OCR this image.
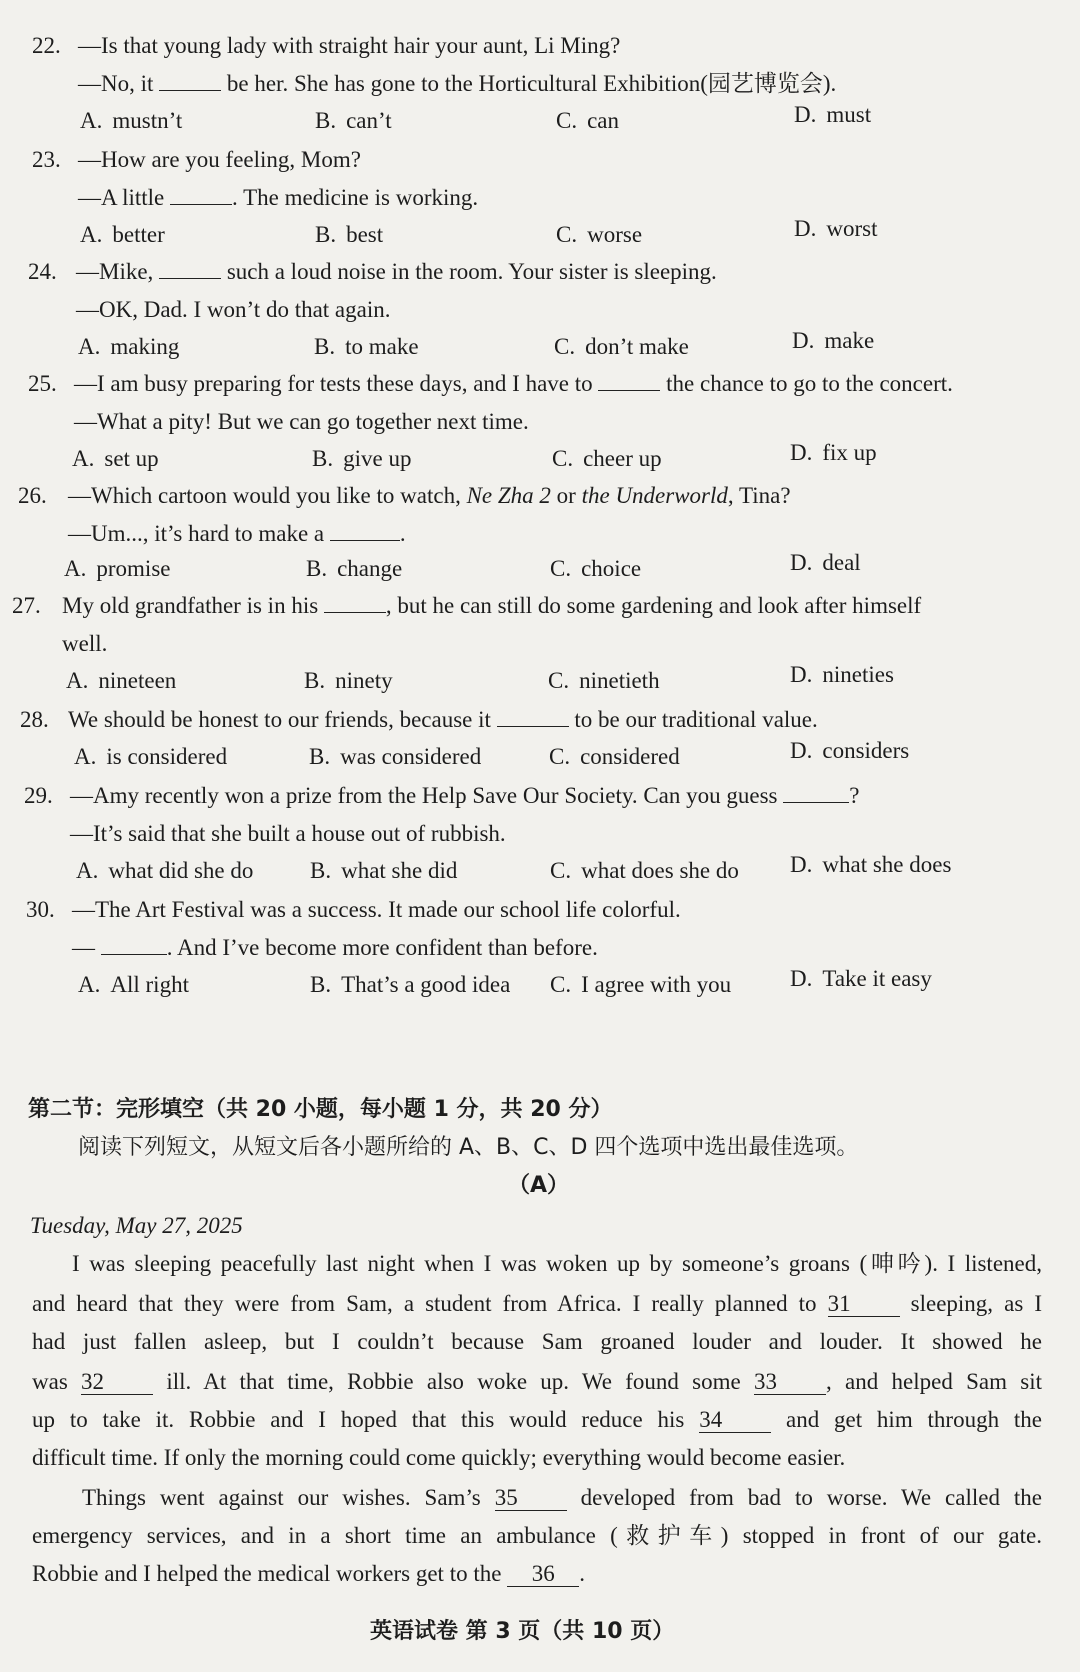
22. —Is that young lady with straight hair your aunt, Li Ming?
—No, it	be her. She has gone to the Horticultural Exhibition(园艺博览会).
A. mustn’t	B. can’t	C. can	D. must
23. —How are you feeling, Mom?
—A little	. The medicine is working.
A. better	B. best	C. worse	D. worst
24. —Mike,	such a loud noise in the room. Your sister is sleeping.
—OK, Dad. I won’t do that again.
A. making	B. to make	C. don’t make	D. make
25. —I am busy preparing for tests these days, and I have to	the chance to go to the concert.
—What a pity! But we can go together next time.
A. set up	B. give up	C. cheer up	D. fix up
26. —Which cartoon would you like to watch, Ne Zha 2 or the Underworld, Tina?
—Um..., it’s hard to make a	.
A. promise	B. change	C. choice	D. deal
27. My old grandfather is in his	, but he can still do some gardening and look after himself
well.
A. nineteen	B. ninety	C. ninetieth	D. nineties
28. We should be honest to our friends, because it	to be our traditional value.
A. is considered	B. was considered	C. considered	D. considers
29. —Amy recently won a prize from the Help Save Our Society. Can you guess	?
—It’s said that she built a house out of rubbish.
A. what did she do B. what she did	C. what does she do D. what she does
30. —The Art Festival was a success. It made our school life colorful.
—	. And I’ve become more confident than before.
A. All right	B. That’s a good idea C. I agree with you	D. Take it easy
第二节：完形填空（共 20 小题，每小题 1 分，共 20 分）
阅读下列短文，从短文后各小题所给的 A、B、C、D 四个选项中选出最佳选项。
（A）
Tuesday, May 27, 2025
I was sleeping peacefully last night when I was woken up by someone’s groans (呻吟). I listened,
and heard that they were from Sam, a student from Africa. I really planned to 31 sleeping, as I
had just fallen asleep, but I couldn’t because Sam groaned louder and louder. It showed he
was 32 ill. At that time, Robbie also woke up. We found some 33 , and helped Sam sit
up to take it. Robbie and I hoped that this would reduce his 34 and get him through the
difficult time. If only the morning could come quickly; everything would become easier.
Things went against our wishes. Sam’s 35 developed from bad to worse. We called the
emergency services, and in a short time an ambulance (救护车) stopped in front of our gate.
Robbie and I helped the medical workers get to the 36 .
英语试卷 第 3 页（共 10 页）
